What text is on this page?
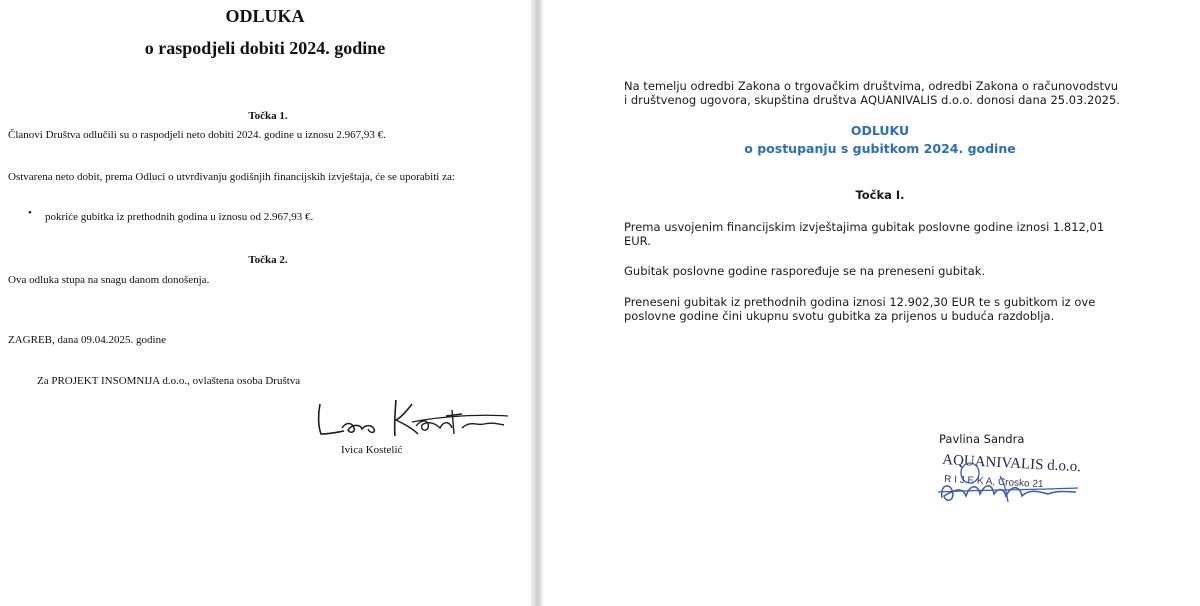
ODLUKA
o raspodjeli dobiti 2024. godine
Točka 1.
Članovi Društva odlučili su o raspodjeli neto dobiti 2024. godine u iznosu 2.967,93 €.
Ostvarena neto dobit, prema Odluci o utvrđivanju godišnjih financijskih izvještaja, će se uporabiti za:
• pokriće gubitka iz prethodnih godina u iznosu od 2.967,93 €.
Točka 2.
Ova odluka stupa na snagu danom donošenja.
ZAGREB, dana 09.04.2025. godine
Za PROJEKT INSOMNIJA d.o.o., ovlaštena osoba Društva
Ivica Kostelić
Na temelju odredbi Zakona o trgovačkim društvima, odredbi Zakona o računovodstvu
i društvenog ugovora, skupština društva AQUANIVALIS d.o.o. donosi dana 25.03.2025.
ODLUKU
o postupanju s gubitkom 2024. godine
Točka I.
Prema usvojenim financijskim izvještajima gubitak poslovne godine iznosi 1.812,01
EUR.
Gubitak poslovne godine raspoređuje se na preneseni gubitak.
Preneseni gubitak iz prethodnih godina iznosi 12.902,30 EUR te s gubitkom iz ove
poslovne godine čini ukupnu svotu gubitka za prijenos u buduća razdoblja.
Pavlina Sandra
AQUANIVALIS d.o.o.
R I J E K A, Crosko 21
